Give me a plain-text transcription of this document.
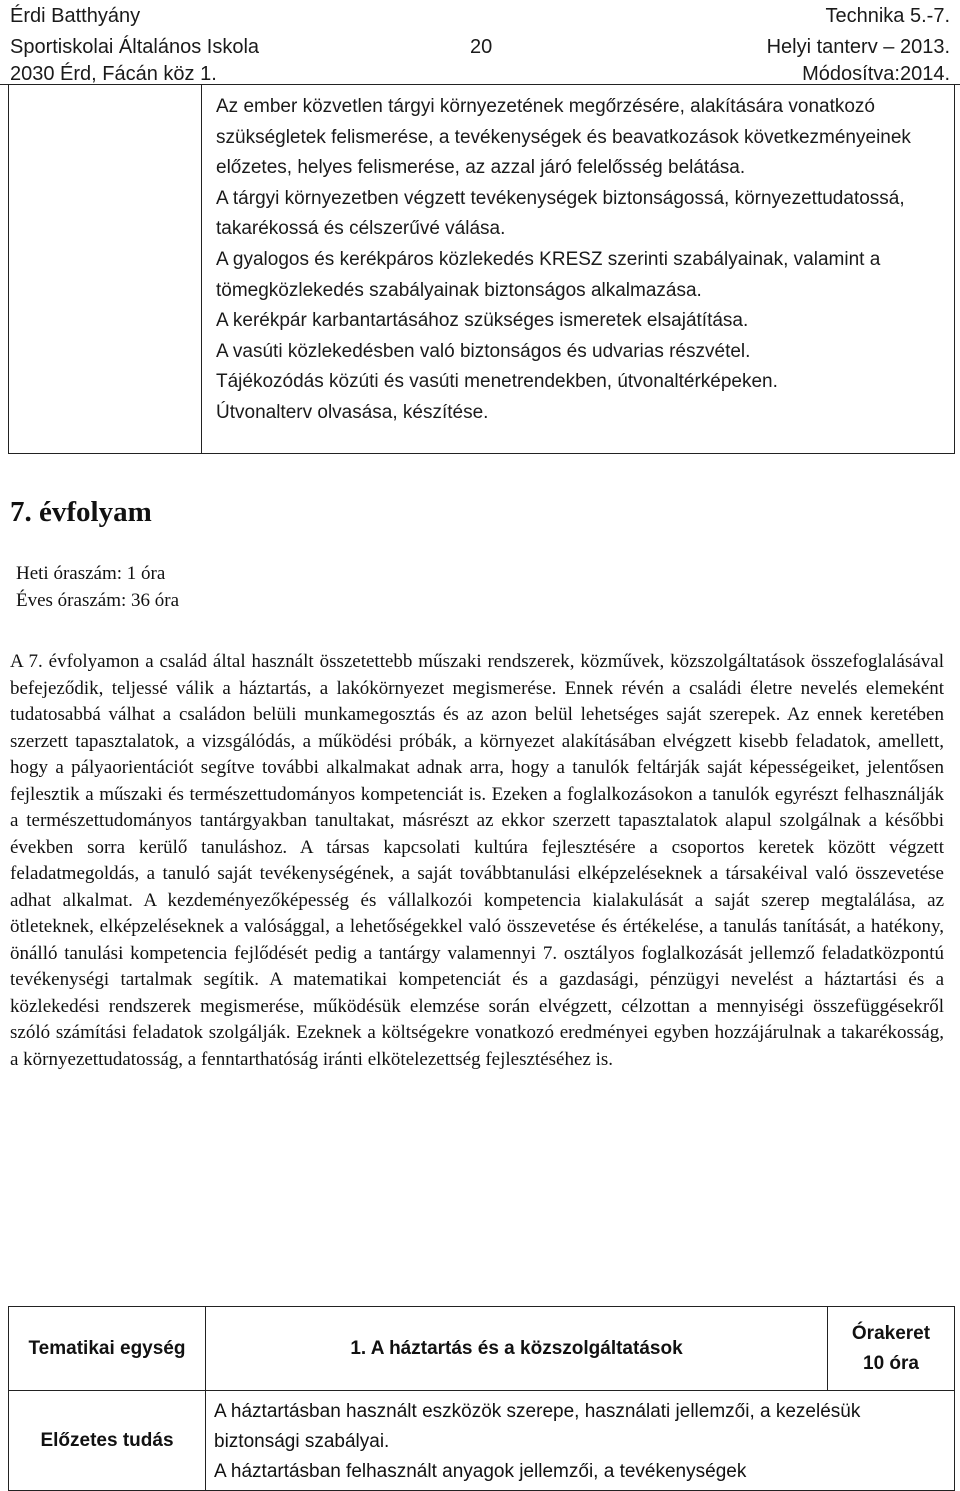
Érdi Batthyány
Sportiskolai Általános Iskola
2030 Érd, Fácán köz 1.
20
Technika 5.-7.
Helyi tanterv – 2013.
Módosítva:2014.

Az ember közvetlen tárgyi környezetének megőrzésére, alakítására vonatkozó szükségletek felismerése, a tevékenységek és beavatkozások következményeinek előzetes, helyes felismerése, az azzal járó felelősség belátása.

A tárgyi környezetben végzett tevékenységek biztonságossá, környezettudatossá, takarékossá és célszerűvé válása.

A gyalogos és kerékpáros közlekedés KRESZ szerinti szabályainak, valamint a tömegközlekedés szabályainak biztonságos alkalmazása.

A kerékpár karbantartásához szükséges ismeretek elsajátítása.

A vasúti közlekedésben való biztonságos és udvarias részvétel.

Tájékozódás közúti és vasúti menetrendekben, útvonaltérképeken.

Útvonalterv olvasása, készítése.

7. évfolyam
Heti óraszám: 1 óra
Éves óraszám: 36 óra

A 7. évfolyamon a család által használt összetettebb műszaki rendszerek, közművek, közszolgáltatások összefoglalásával befejeződik, teljessé válik a háztartás, a lakókörnyezet megismerése. Ennek révén a családi életre nevelés elemeként tudatosabbá válhat a családon belüli munkamegosztás és az azon belül lehetséges saját szerepek. Az ennek keretében szerzett tapasztalatok, a vizsgálódás, a működési próbák, a környezet alakításában elvégzett kisebb feladatok, amellett, hogy a pályaorientációt segítve további alkalmakat adnak arra, hogy a tanulók feltárják saját képességeiket, jelentősen fejlesztik a műszaki és természettudományos kompetenciát is. Ezeken a foglalkozásokon a tanulók egyrészt felhasználják a természettudományos tantárgyakban tanultakat, másrészt az ekkor szerzett tapasztalatok alapul szolgálnak a későbbi években sorra kerülő tanuláshoz. A társas kapcsolati kultúra fejlesztésére a csoportos keretek között végzett feladatmegoldás, a tanuló saját tevékenységének, a saját továbbtanulási elképzeléseknek a társakéival való összevetése adhat alkalmat. A kezdeményezőképesség és vállalkozói kompetencia kialakulását a saját szerep megtalálása, az ötleteknek, elképzeléseknek a valósággal, a lehetőségekkel való összevetése és értékelése, a tanulás tanítását, a hatékony, önálló tanulási kompetencia fejlődését pedig a tantárgy valamennyi 7. osztályos foglalkozását jellemző feladatközpontú tevékenységi tartalmak segítik. A matematikai kompetenciát és a gazdasági, pénzügyi nevelést a háztartási és a közlekedési rendszerek megismerése, működésük elemzése során elvégzett, célzottan a mennyiségi összefüggésekről szóló számítási feladatok szolgálják. Ezeknek a költségekre vonatkozó eredményei egyben hozzájárulnak a takarékosság, a környezettudatosság, a fenntarthatóság iránti elkötelezettség fejlesztéséhez is.

Tematikai egység	1. A háztartás és a közszolgáltatások	Órakeret
10 óra

Előzetes tudás	A háztartásban használt eszközök szerepe, használati jellemzői, a kezelésük biztonsági szabályai.

A háztartásban felhasznált anyagok jellemzői, a tevékenységek	
